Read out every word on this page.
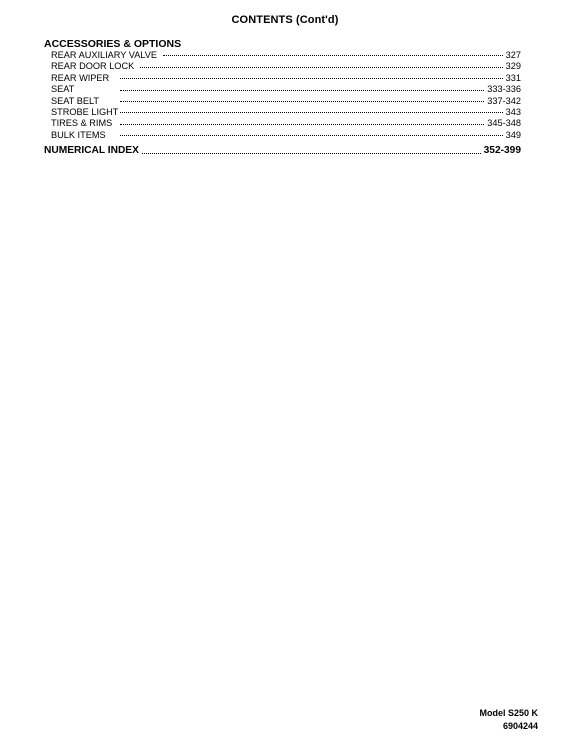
CONTENTS (Cont'd)
ACCESSORIES & OPTIONS
REAR AUXILIARY VALVE	327
REAR DOOR LOCK	329
REAR WIPER	331
SEAT	333-336
SEAT BELT	337-342
STROBE LIGHT	343
TIRES & RIMS	345-348
BULK ITEMS	349
NUMERICAL INDEX	352-399
Model S250 K
6904244
